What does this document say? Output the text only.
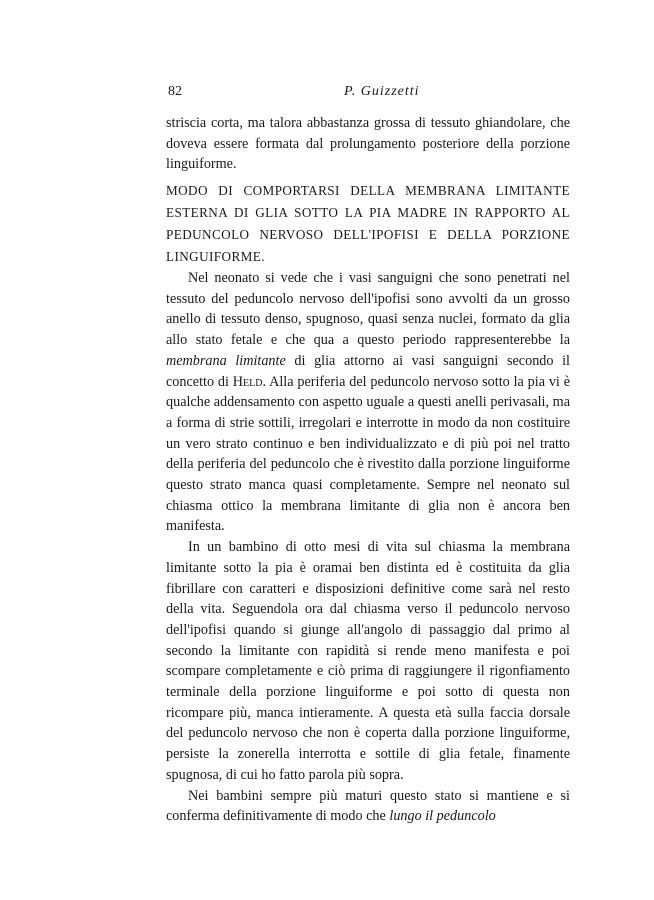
82	P. Guizzetti

striscia corta, ma talora abbastanza grossa di tessuto ghiandolare, che doveva essere formata dal prolungamento posteriore della porzione linguiforme.

MODO DI COMPORTARSI DELLA MEMBRANA LIMITANTE ESTERNA DI GLIA SOTTO LA PIA MADRE IN RAPPORTO AL PEDUNCOLO NERVOSO DELL'IPOFISI E DELLA PORZIONE LINGUIFORME.

Nel neonato si vede che i vasi sanguigni che sono penetrati nel tessuto del peduncolo nervoso dell'ipofisi sono avvolti da un grosso anello di tessuto denso, spugnoso, quasi senza nuclei, formato da glia allo stato fetale e che qua a questo periodo rappresenterebbe la membrana limitante di glia attorno ai vasi sanguigni secondo il concetto di Held. Alla periferia del peduncolo nervoso sotto la pia vi è qualche addensamento con aspetto uguale a questi anelli perivasali, ma a forma di strie sottili, irregolari e interrotte in modo da non costituire un vero strato continuo e ben individualizzato e di più poi nel tratto della periferia del peduncolo che è rivestito dalla porzione linguiforme questo strato manca quasi completamente. Sempre nel neonato sul chiasma ottico la membrana limitante di glia non è ancora ben manifesta.

In un bambino di otto mesi di vita sul chiasma la membrana limitante sotto la pia è oramai ben distinta ed è costituita da glia fibrillare con caratteri e disposizioni definitive come sarà nel resto della vita. Seguendola ora dal chiasma verso il peduncolo nervoso dell'ipofisi quando si giunge all'angolo di passaggio dal primo al secondo la limitante con rapidità si rende meno manifesta e poi scompare completamente e ciò prima di raggiungere il rigonfiamento terminale della porzione linguiforme e poi sotto di questa non ricompare più, manca intieramente. A questa età sulla faccia dorsale del peduncolo nervoso che non è coperta dalla porzione linguiforme, persiste la zonerella interrotta e sottile di glia fetale, finamente spugnosa, di cui ho fatto parola più sopra.

Nei bambini sempre più maturi questo stato si mantiene e si conferma definitivamente di modo che lungo il peduncolo
